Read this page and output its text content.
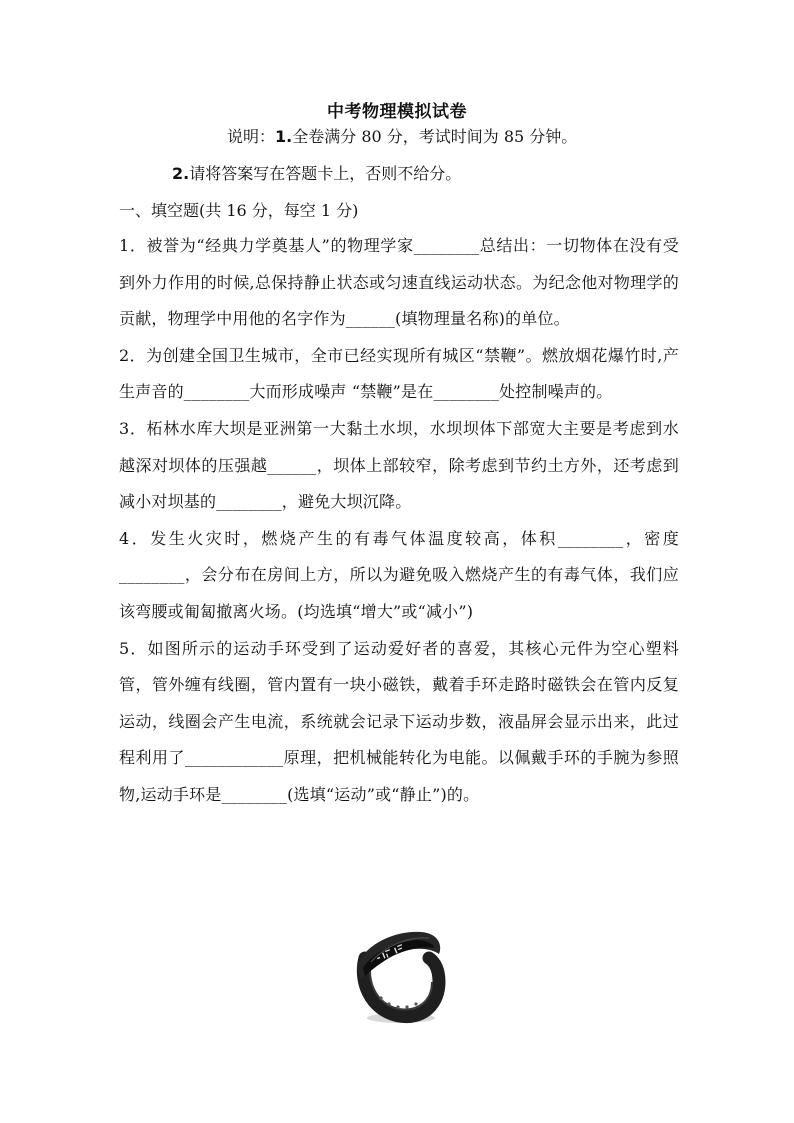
中考物理模拟试卷
说明：1.全卷满分 80 分，考试时间为 85 分钟。
2.请将答案写在答题卡上，否则不给分。
一、填空题(共 16 分，每空 1 分)

1．被誉为“经典力学奠基人”的物理学家________总结出：一切物体在没有受到外力作用的时候,总保持静止状态或匀速直线运动状态。为纪念他对物理学的贡献，物理学中用他的名字作为______(填物理量名称)的单位。

2．为创建全国卫生城市，全市已经实现所有城区“禁鞭”。燃放烟花爆竹时,产生声音的________大而形成噪声 “禁鞭”是在________处控制噪声的。

3．柘林水库大坝是亚洲第一大黏土水坝，水坝坝体下部宽大主要是考虑到水越深对坝体的压强越______，坝体上部较窄，除考虑到节约土方外，还考虑到减小对坝基的________，避免大坝沉降。

4．发生火灾时，燃烧产生的有毒气体温度较高，体积________，密度________，会分布在房间上方，所以为避免吸入燃烧产生的有毒气体，我们应该弯腰或匍匐撤离火场。(均选填“增大”或“减小”)

5．如图所示的运动手环受到了运动爱好者的喜爱，其核心元件为空心塑料管，管外缠有线圈，管内置有一块小磁铁，戴着手环走路时磁铁会在管内反复运动，线圈会产生电流，系统就会记录下运动步数，液晶屏会显示出来，此过程利用了____________原理，把机械能转化为电能。以佩戴手环的手腕为参照物,运动手环是________(选填“运动”或“静止”)的。
